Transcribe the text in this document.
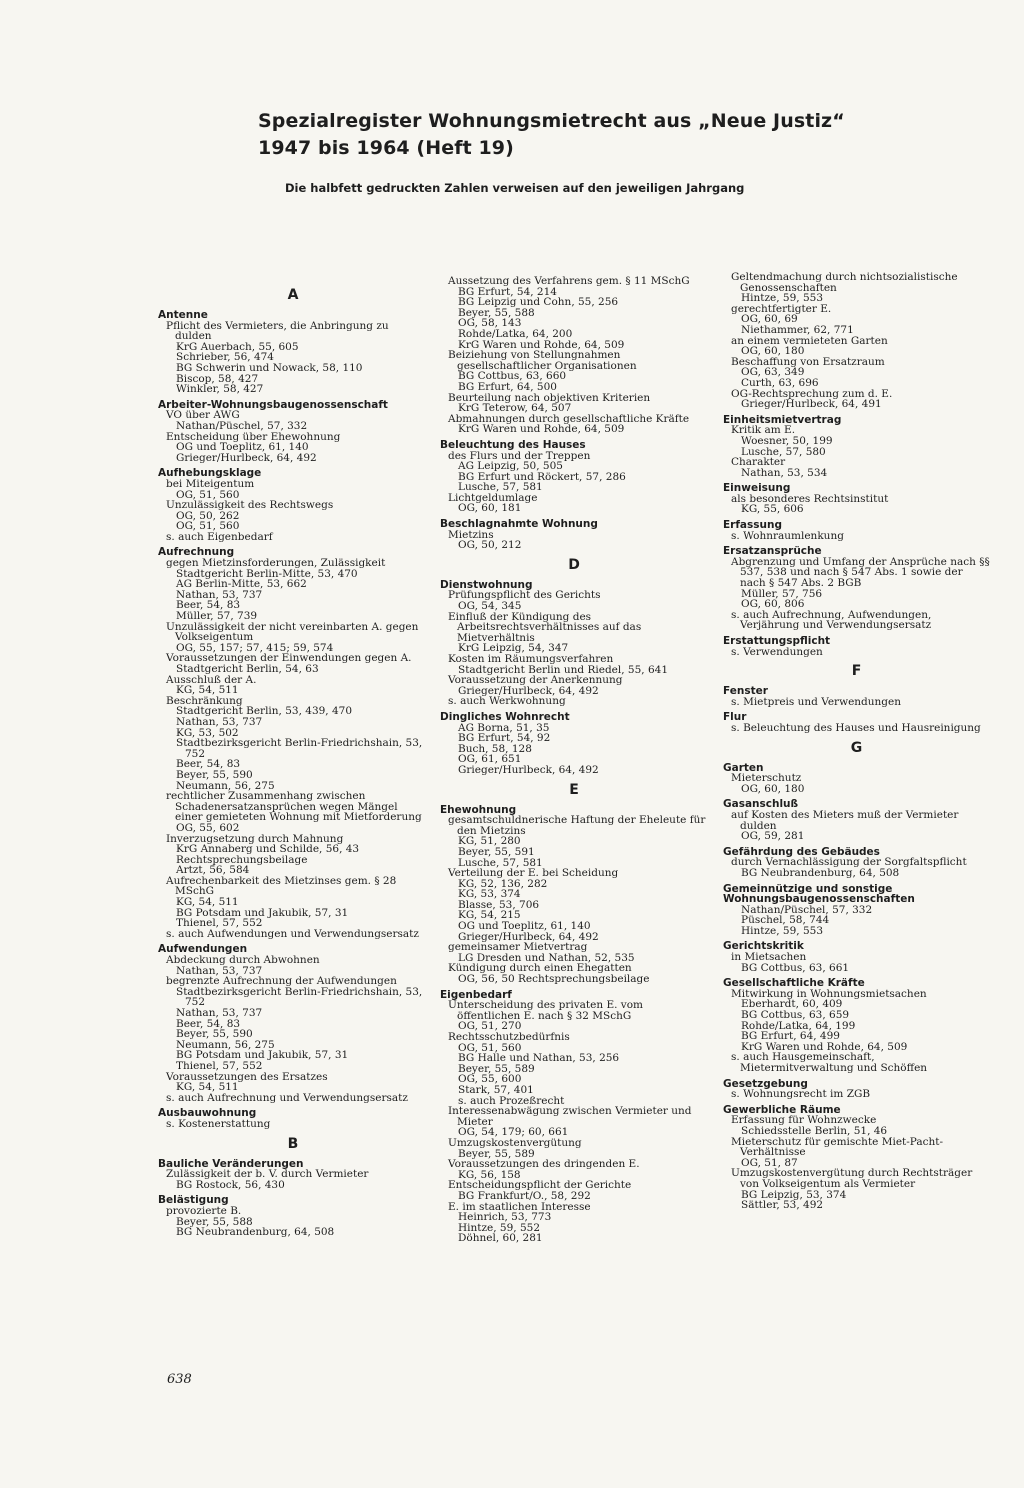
Spezialregister Wohnungsmietrecht aus „Neue Justiz“
1947 bis 1964 (Heft 19)
Die halbfett gedruckten Zahlen verweisen auf den jeweiligen Jahrgang
A
Antenne
Pflicht des Vermieters, die Anbringung zu dulden
KrG Auerbach, 55, 605
Schrieber, 56, 474
BG Schwerin und Nowack, 58, 110
Biscop, 58, 427
Winkler, 58, 427
Arbeiter-Wohnungsbaugenossenschaft
VO über AWG
Nathan/Püschel, 57, 332
Entscheidung über Ehewohnung
OG und Toeplitz, 61, 140
Grieger/Hurlbeck, 64, 492
Aufhebungsklage
bei Miteigentum
OG, 51, 560
Unzulässigkeit des Rechtswegs
OG, 50, 262
OG, 51, 560
s. auch Eigenbedarf
Aufrechnung
gegen Mietzinsforderungen, Zulässigkeit
Stadtgericht Berlin-Mitte, 53, 470
AG Berlin-Mitte, 53, 662
Nathan, 53, 737
Beer, 54, 83
Müller, 57, 739
Unzulässigkeit der nicht vereinbarten A. gegen Volkseigentum
OG, 55, 157; 57, 415; 59, 574
Voraussetzungen der Einwendungen gegen A.
Stadtgericht Berlin, 54, 63
Ausschluß der A.
KG, 54, 511
Beschränkung
Stadtgericht Berlin, 53, 439, 470
Nathan, 53, 737
KG, 53, 502
Stadtbezirksgericht Berlin-Friedrichshain, 53, 752
Beer, 54, 83
Beyer, 55, 590
Neumann, 56, 275
rechtlicher Zusammenhang zwischen Schadenersatzansprüchen wegen Mängel einer gemieteten Wohnung mit Mietforderung
OG, 55, 602
Inverzugsetzung durch Mahnung
KrG Annaberg und Schilde, 56, 43
Rechtsprechungsbeilage
Artzt, 56, 584
Aufrechenbarkeit des Mietzinses gem. § 28 MSchG
KG, 54, 511
BG Potsdam und Jakubik, 57, 31
Thienel, 57, 552
s. auch Aufwendungen und Verwendungsersatz
Aufwendungen
Abdeckung durch Abwohnen
Nathan, 53, 737
begrenzte Aufrechnung der Aufwendungen
Stadtbezirksgericht Berlin-Friedrichshain, 53, 752
Nathan, 53, 737
Beer, 54, 83
Beyer, 55, 590
Neumann, 56, 275
BG Potsdam und Jakubik, 57, 31
Thienel, 57, 552
Voraussetzungen des Ersatzes
KG, 54, 511
s. auch Aufrechnung und Verwendungsersatz
Ausbauwohnung
s. Kostenerstattung
B
Bauliche Veränderungen
Zulässigkeit der b. V. durch Vermieter
BG Rostock, 56, 430
Belästigung
provozierte B.
Beyer, 55, 588
BG Neubrandenburg, 64, 508
Aussetzung des Verfahrens gem. § 11 MSchG
BG Erfurt, 54, 214
BG Leipzig und Cohn, 55, 256
Beyer, 55, 588
OG, 58, 143
Rohde/Latka, 64, 200
KrG Waren und Rohde, 64, 509
Beiziehung von Stellungnahmen gesellschaftlicher Organisationen
BG Cottbus, 63, 660
BG Erfurt, 64, 500
Beurteilung nach objektiven Kriterien
KrG Teterow, 64, 507
Abmahnungen durch gesellschaftliche Kräfte
KrG Waren und Rohde, 64, 509
Beleuchtung des Hauses
des Flurs und der Treppen
AG Leipzig, 50, 505
BG Erfurt und Röckert, 57, 286
Lusche, 57, 581
Lichtgeldumlage
OG, 60, 181
Beschlagnahmte Wohnung
Mietzins
OG, 50, 212
D
Dienstwohnung
Prüfungspflicht des Gerichts
OG, 54, 345
Einfluß der Kündigung des Arbeitsrechtsverhältnisses auf das Mietverhältnis
KrG Leipzig, 54, 347
Kosten im Räumungsverfahren
Stadtgericht Berlin und Riedel, 55, 641
Voraussetzung der Anerkennung
Grieger/Hurlbeck, 64, 492
s. auch Werkwohnung
Dingliches Wohnrecht
AG Borna, 51, 35
BG Erfurt, 54, 92
Buch, 58, 128
OG, 61, 651
Grieger/Hurlbeck, 64, 492
E
Ehewohnung
gesamtschuldnerische Haftung der Eheleute für den Mietzins
KG, 51, 280
Beyer, 55, 591
Lusche, 57, 581
Verteilung der E. bei Scheidung
KG, 52, 136, 282
KG, 53, 374
Blasse, 53, 706
KG, 54, 215
OG und Toeplitz, 61, 140
Grieger/Hurlbeck, 64, 492
gemeinsamer Mietvertrag
LG Dresden und Nathan, 52, 535
Kündigung durch einen Ehegatten
OG, 56, 50 Rechtsprechungsbeilage
Eigenbedarf
Unterscheidung des privaten E. vom öffentlichen E. nach § 32 MSchG
OG, 51, 270
Rechtsschutzbedürfnis
OG, 51, 560
BG Halle und Nathan, 53, 256
Beyer, 55, 589
OG, 55, 600
Stark, 57, 401
s. auch Prozeßrecht
Interessenabwägung zwischen Vermieter und Mieter
OG, 54, 179; 60, 661
Umzugskostenvergütung
Beyer, 55, 589
Voraussetzungen des dringenden E.
KG, 56, 158
Entscheidungspflicht der Gerichte
BG Frankfurt/O., 58, 292
E. im staatlichen Interesse
Heinrich, 53, 773
Hintze, 59, 552
Döhnel, 60, 281
Geltendmachung durch nichtsozialistische Genossenschaften
Hintze, 59, 553
gerechtfertigter E.
OG, 60, 69
Niethammer, 62, 771
an einem vermieteten Garten
OG, 60, 180
Beschaffung von Ersatzraum
OG, 63, 349
Curth, 63, 696
OG-Rechtsprechung zum d. E.
Grieger/Hurlbeck, 64, 491
Einheitsmietvertrag
Kritik am E.
Woesner, 50, 199
Lusche, 57, 580
Charakter
Nathan, 53, 534
Einweisung
als besonderes Rechtsinstitut
KG, 55, 606
Erfassung
s. Wohnraumlenkung
Ersatzansprüche
Abgrenzung und Umfang der Ansprüche nach §§ 537, 538 und nach § 547 Abs. 1 sowie der nach § 547 Abs. 2 BGB
Müller, 57, 756
OG, 60, 806
s. auch Aufrechnung, Aufwendungen, Verjährung und Verwendungsersatz
Erstattungspflicht
s. Verwendungen
F
Fenster
s. Mietpreis und Verwendungen
Flur
s. Beleuchtung des Hauses und Hausreinigung
G
Garten
Mieterschutz
OG, 60, 180
Gasanschluß
auf Kosten des Mieters muß der Vermieter dulden
OG, 59, 281
Gefährdung des Gebäudes
durch Vernachlässigung der Sorgfaltspflicht
BG Neubrandenburg, 64, 508
Gemeinnützige und sonstige Wohnungsbaugenossenschaften
Nathan/Püschel, 57, 332
Püschel, 58, 744
Hintze, 59, 553
Gerichtskritik
in Mietsachen
BG Cottbus, 63, 661
Gesellschaftliche Kräfte
Mitwirkung in Wohnungsmietsachen
Eberhardt, 60, 409
BG Cottbus, 63, 659
Rohde/Latka, 64, 199
BG Erfurt, 64, 499
KrG Waren und Rohde, 64, 509
s. auch Hausgemeinschaft, Mietermitverwaltung und Schöffen
Gesetzgebung
s. Wohnungsrecht im ZGB
Gewerbliche Räume
Erfassung für Wohnzwecke
Schiedsstelle Berlin, 51, 46
Mieterschutz für gemischte Miet-Pacht-Verhältnisse
OG, 51, 87
Umzugskostenvergütung durch Rechtsträger von Volkseigentum als Vermieter
BG Leipzig, 53, 374
Sättler, 53, 492
638
